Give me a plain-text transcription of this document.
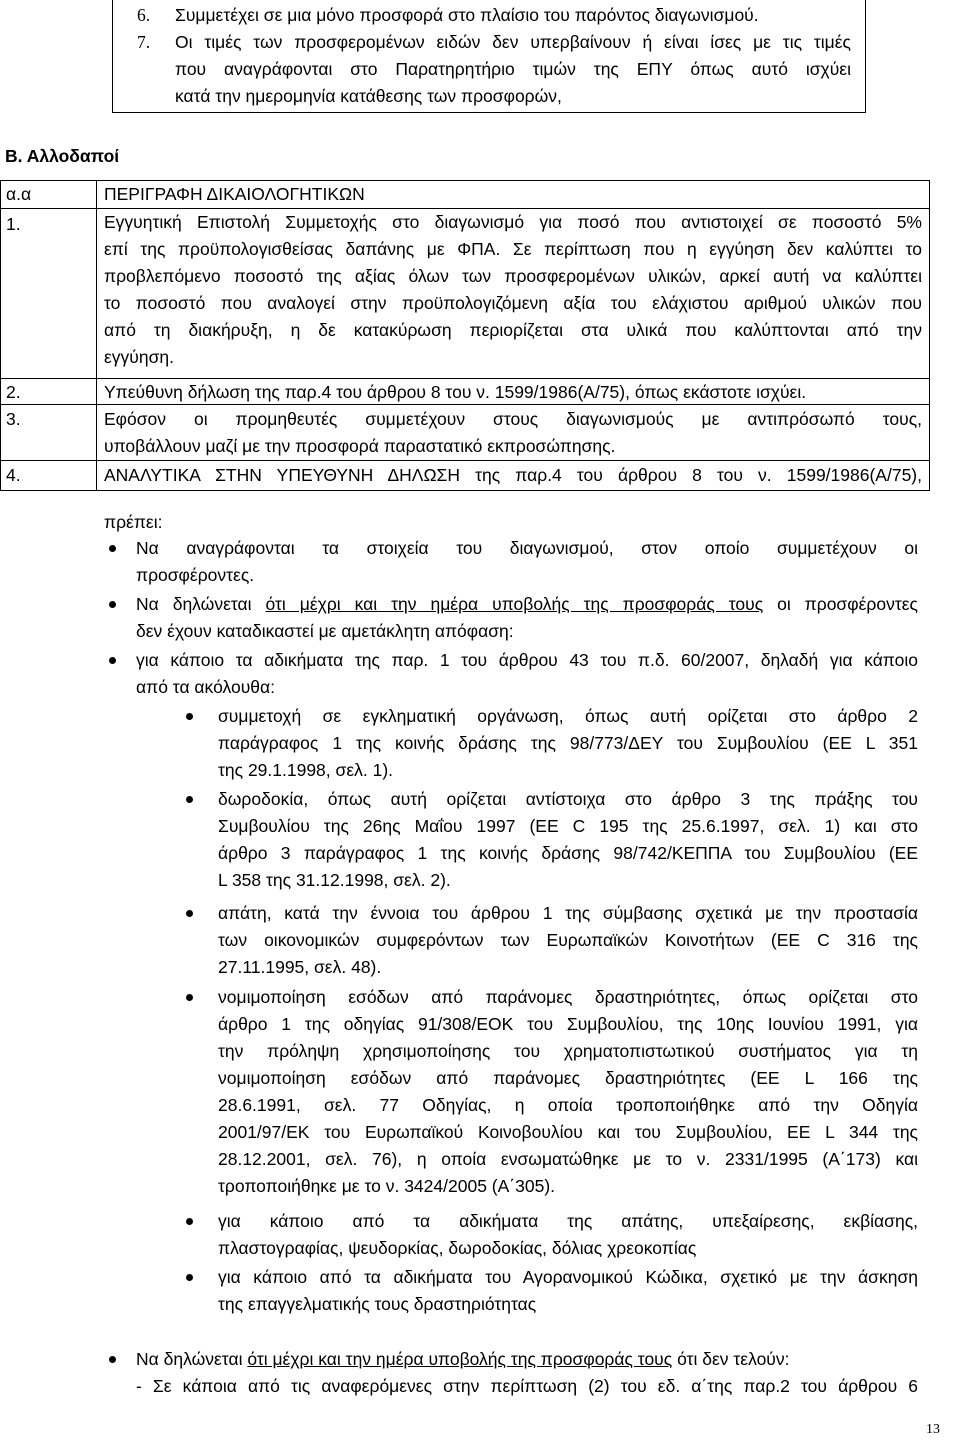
6.	Συμμετέχει σε μια μόνο προσφορά στο πλαίσιο του παρόντος διαγωνισμού.
7.	Οι τιμές των προσφερομένων ειδών δεν υπερβαίνουν ή είναι ίσες με τις τιμές
που αναγράφονται στο Παρατηρητήριο τιμών της ΕΠΥ όπως αυτό ισχύει
κατά την ημερομηνία κατάθεσης των προσφορών,
Β. Αλλοδαποί
α.α	ΠΕΡΙΓΡΑΦΗ ΔΙΚΑΙΟΛΟΓΗΤΙΚΩΝ
1.	Εγγυητική Επιστολή Συμμετοχής στο διαγωνισμό για ποσό που αντιστοιχεί σε ποσοστό 5%
επί της προϋπολογισθείσας δαπάνης με ΦΠΑ. Σε περίπτωση που η εγγύηση δεν καλύπτει το
προβλεπόμενο ποσοστό της αξίας όλων των προσφερομένων υλικών, αρκεί αυτή να καλύπτει
το ποσοστό που αναλογεί στην προϋπολογιζόμενη αξία του ελάχιστου αριθμού υλικών που
από τη διακήρυξη, η δε κατακύρωση περιορίζεται στα υλικά που καλύπτονται από την
εγγύηση.
2.	Υπεύθυνη δήλωση της παρ.4 του άρθρου 8 του ν. 1599/1986(Α/75), όπως εκάστοτε ισχύει.
3.	Εφόσον οι προμηθευτές συμμετέχουν στους διαγωνισμούς με αντιπρόσωπό τους,
υποβάλλουν μαζί με την προσφορά παραστατικό εκπροσώπησης.
4.	ΑΝΑΛΥΤΙΚΑ ΣΤΗΝ ΥΠΕΥΘΥΝΗ ΔΗΛΩΣΗ της παρ.4 του άρθρου 8 του ν. 1599/1986(Α/75),
πρέπει:
Να αναγράφονται τα στοιχεία του διαγωνισμού, στον οποίο συμμετέχουν οι
προσφέροντες.
Να δηλώνεται ότι μέχρι και την ημέρα υποβολής της προσφοράς τους οι προσφέροντες
δεν έχουν καταδικαστεί με αμετάκλητη απόφαση:
για κάποιο τα αδικήματα της παρ. 1 του άρθρου 43 του π.δ. 60/2007, δηλαδή για κάποιο
από τα ακόλουθα:
συμμετοχή σε εγκληματική οργάνωση, όπως αυτή ορίζεται στο άρθρο 2
παράγραφος 1 της κοινής δράσης της 98/773/ΔΕΥ του Συμβουλίου (ΕΕ L 351
της 29.1.1998, σελ. 1).
δωροδοκία, όπως αυτή ορίζεται αντίστοιχα στο άρθρο 3 της πράξης του
Συμβουλίου της 26ης Μαΐου 1997 (ΕΕ C 195 της 25.6.1997, σελ. 1) και στο
άρθρο 3 παράγραφος 1 της κοινής δράσης 98/742/ΚΕΠΠΑ του Συμβουλίου (ΕΕ
L 358 της 31.12.1998, σελ. 2).
απάτη, κατά την έννοια του άρθρου 1 της σύμβασης σχετικά με την προστασία
των οικονομικών συμφερόντων των Ευρωπαϊκών Κοινοτήτων (ΕΕ C 316 της
27.11.1995, σελ. 48).
νομιμοποίηση εσόδων από παράνομες δραστηριότητες, όπως ορίζεται στο
άρθρο 1 της οδηγίας 91/308/ΕΟΚ του Συμβουλίου, της 10ης Ιουνίου 1991, για
την πρόληψη χρησιμοποίησης του χρηματοπιστωτικού συστήματος για τη
νομιμοποίηση εσόδων από παράνομες δραστηριότητες (ΕΕ L 166 της
28.6.1991, σελ. 77 Οδηγίας, η οποία τροποποιήθηκε από την Οδηγία
2001/97/ΕΚ του Ευρωπαϊκού Κοινοβουλίου και του Συμβουλίου, ΕΕ L 344 της
28.12.2001, σελ. 76), η οποία ενσωματώθηκε με το ν. 2331/1995 (Α΄173) και
τροποποιήθηκε με το ν. 3424/2005 (Α΄305).
για κάποιο από τα αδικήματα της απάτης, υπεξαίρεσης, εκβίασης,
πλαστογραφίας, ψευδορκίας, δωροδοκίας, δόλιας χρεοκοπίας
για κάποιο από τα αδικήματα του Αγορανομικού Κώδικα, σχετικό με την άσκηση
της επαγγελματικής τους δραστηριότητας
Να δηλώνεται ότι μέχρι και την ημέρα υποβολής της προσφοράς τους ότι δεν τελούν:
- Σε κάποια από τις αναφερόμενες στην περίπτωση (2) του εδ. α΄της παρ.2 του άρθρου 6
13
